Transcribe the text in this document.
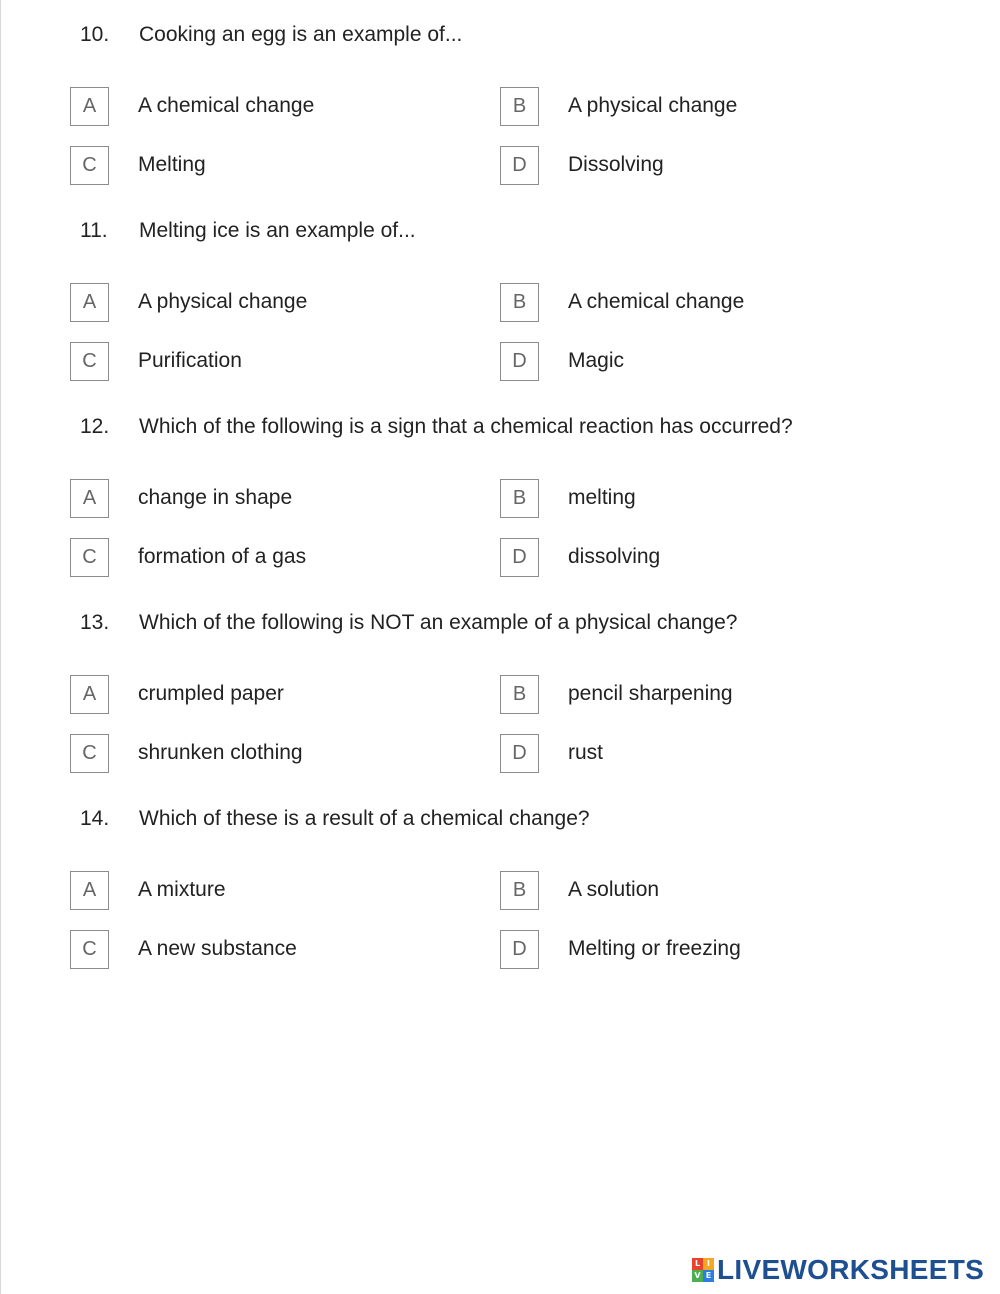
10. Cooking an egg is an example of...
A	A chemical change	B	A physical change
C	Melting	D	Dissolving
11. Melting ice is an example of...
A	A physical change	B	A chemical change
C	Purification	D	Magic
12. Which of the following is a sign that a chemical reaction has occurred?
A	change in shape	B	melting
C	formation of a gas	D	dissolving
13. Which of the following is NOT an example of a physical change?
A	crumpled paper	B	pencil sharpening
C	shrunken clothing	D	rust
14. Which of these is a result of a chemical change?
A	A mixture	B	A solution
C	A new substance	D	Melting or freezing
L I
V E LIVEWORKSHEETS
